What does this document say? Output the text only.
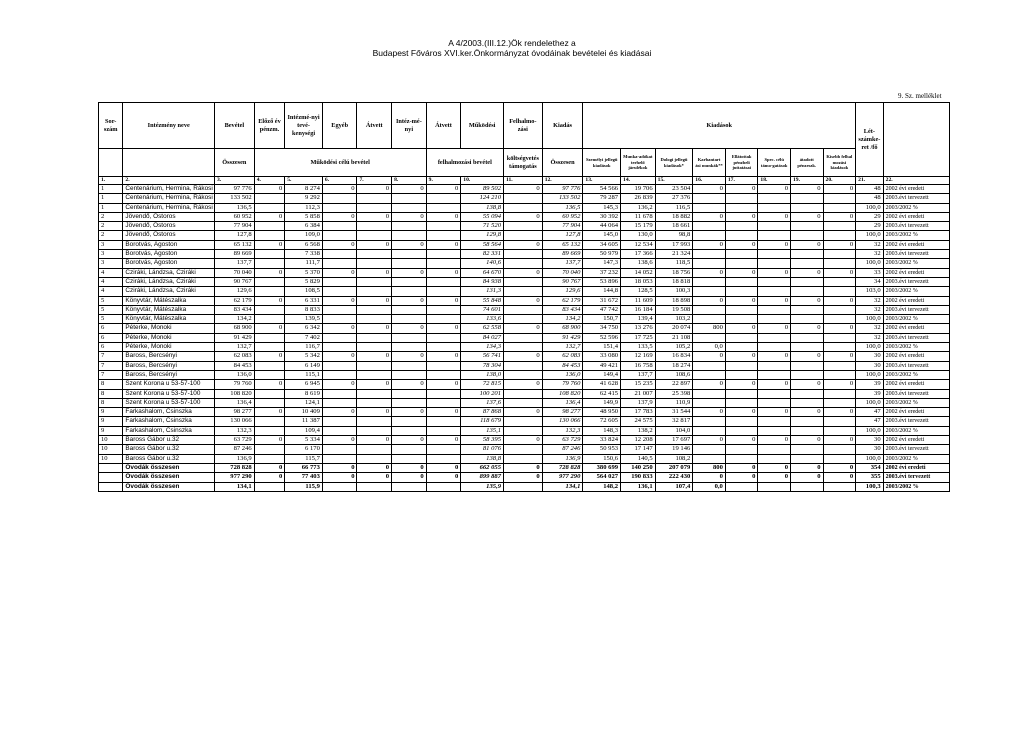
A 4/2003.(III.12.)Ök rendelethez a
Budapest Főváros XVI.ker.Önkormányzat óvodáinak bevételei és kiadásai
9. Sz. melléklet
Sor-szám	Intézmény neve	Bevétel	Előző év pénzm.	Intézmé-nyi tevé-kenységi	Egyéb	Átvett	Intéz-mé-nyi	Átvett	Működési	Felhalmo-zási	Kiadás	Kiadások								Lét-számke-ret /fő	
		Összesen	Működési célú bevétel					felhalmozási bevétel		költségvetés támogatás	Összesen	Személyi jellegű kiadások	Munka-adókat terhelő járulékok	Dologi jellegű kiadások*	Karbantart ási munkák**	Ellátottak pénzbeli juttatásai	Spec. célú támo-gatások	átadott pénzeszk.	Kisebb felhal mozási kiadások		
1.	2.	3.	4.	5.	6.	7.	8.	9.	10.	11.	12.	13.	14.	15.	16.	17.	18.	19.	20.	21.	22.
1	Centenárium, Hermina, Rákosi	97 776	0	8 274	0	0	0	0	89 502	0	97 776	54 566	19 706	23 504	0	0	0	0	0	48	2002 évi eredeti
1	Centenárium, Hermina, Rákosi	133 502		9 292					124 210		133 502	79 287	26 839	27 376						48	2003.évi tervezett
1	Centenárium, Hermina, Rákosi	136,5		112,3					138,8		136,5	145,3	136,2	116,5						100,0	2003/2002 %
2	Jövendő, Ostoros	60 952	0	5 858	0	0	0	0	55 094	0	60 952	30 392	11 678	18 882	0	0	0	0	0	29	2002 évi eredeti
2	Jövendő, Ostoros	77 904		6 384					71 520		77 904	44 064	15 179	18 661						29	2003.évi tervezett
2	Jövendő, Ostoros	127,8		109,0					129,8		127,8	145,0	130,0	98,8						100,0	2003/2002 %
3	Borotvás, Agoston	65 132	0	6 568	0	0	0	0	58 564	0	65 132	34 605	12 534	17 993	0	0	0	0	0	32	2002 évi eredeti
3	Borotvás, Agoston	89 669		7 338					82 331		89 669	50 979	17 366	21 324						32	2003.évi tervezett
3	Borotvás, Agoston	137,7		111,7					140,6		137,7	147,3	138,6	118,5						100,0	2003/2002 %
4	Cziráki, Lándzsa, Cziráki	70 040	0	5 370	0	0	0	0	64 670	0	70 040	37 232	14 052	18 756	0	0	0	0	0	33	2002 évi eredeti
4	Cziráki, Lándzsa, Cziráki	90 767		5 829					84 938		90 767	53 896	18 053	18 818						34	2003.évi tervezett
4	Cziráki, Lándzsa, Cziráki	129,6		108,5					131,3		129,6	144,8	128,5	100,3						103,0	2003/2002 %
5	Könyvtár, Mátészalka	62 179	0	6 331	0	0	0	0	55 848	0	62 179	31 672	11 609	18 898	0	0	0	0	0	32	2002 évi eredeti
5	Könyvtár, Mátészalka	83 434		8 833					74 601		83 434	47 742	16 184	19 508						32	2003.évi tervezett
5	Könyvtár, Mátészalka	134,2		139,5					133,6		134,2	150,7	139,4	103,2						100,0	2003/2002 %
6	Péterke, Monoki	68 900	0	6 342	0	0	0	0	62 558	0	68 900	34 750	13 276	20 074	800	0	0	0	0	32	2002 évi eredeti
6	Péterke, Monoki	91 429		7 402					84 027		91 429	52 596	17 725	21 108						32	2003.évi tervezett
6	Péterke, Monoki	132,7		116,7					134,3		132,7	151,4	133,5	105,2	0,0					100,0	2003/2002 %
7	Baross, Bercsényi	62 083	0	5 342	0	0	0	0	56 741	0	62 083	33 080	12 169	16 834	0	0	0	0	0	30	2002 évi eredeti
7	Baross, Bercsényi	84 453		6 149					78 304		84 453	49 421	16 758	18 274						30	2003.évi tervezett
7	Baross, Bercsényi	136,0		115,1					138,0		136,0	149,4	137,7	108,6						100,0	2003/2002 %
8	Szent Korona u 53-57-100	79 760	0	6 945	0	0	0	0	72 815	0	79 760	41 628	15 235	22 897	0	0	0	0	0	39	2002 évi eredeti
8	Szent Korona u 53-57-100	108 820		8 619					100 201		108 820	62 415	21 007	25 398						39	2003.évi tervezett
8	Szent Korona u 53-57-100	136,4		124,1					137,6		136,4	149,9	137,9	110,9						100,0	2003/2002 %
9	Farkashalom, Csinszka	98 277	0	10 409	0	0	0	0	87 868	0	98 277	48 950	17 783	31 544	0	0	0	0	0	47	2002 évi eredeti
9	Farkashalom, Csinszka	130 066		11 387					118 679		130 066	72 605	24 575	32 817						47	2003.évi tervezett
9	Farkashalom, Csinszka	132,3		109,4					135,1		132,3	148,3	138,2	104,0						100,0	2003/2002 %
10	Baross Gábor u.32	63 729	0	5 334	0	0	0	0	58 395	0	63 729	33 824	12 208	17 697	0	0	0	0	0	30	2002 évi eredeti
10	Baross Gábor u.32	87 246		6 170					81 076		87 246	50 953	17 147	19 146						30	2003.évi tervezett
10	Baross Gábor u.32	136,9		115,7					138,8		136,9	150,6	140,5	108,2						100,0	2003/2002 %
	Óvodák összesen	728 828	0	66 773	0	0	0	0	662 055	0	728 828	380 699	140 250	207 079	800	0	0	0	0	354	2002 évi eredeti
	Óvodák összesen	977 290	0	77 403	0	0	0	0	899 887	0	977 290	564 027	190 833	222 430	0	0	0	0	0	355	2003.évi tervezett
	Óvodák összesen	134,1		115,9					135,9		134,1	148,2	136,1	107,4	0,0					100,3	2003/2002 %
